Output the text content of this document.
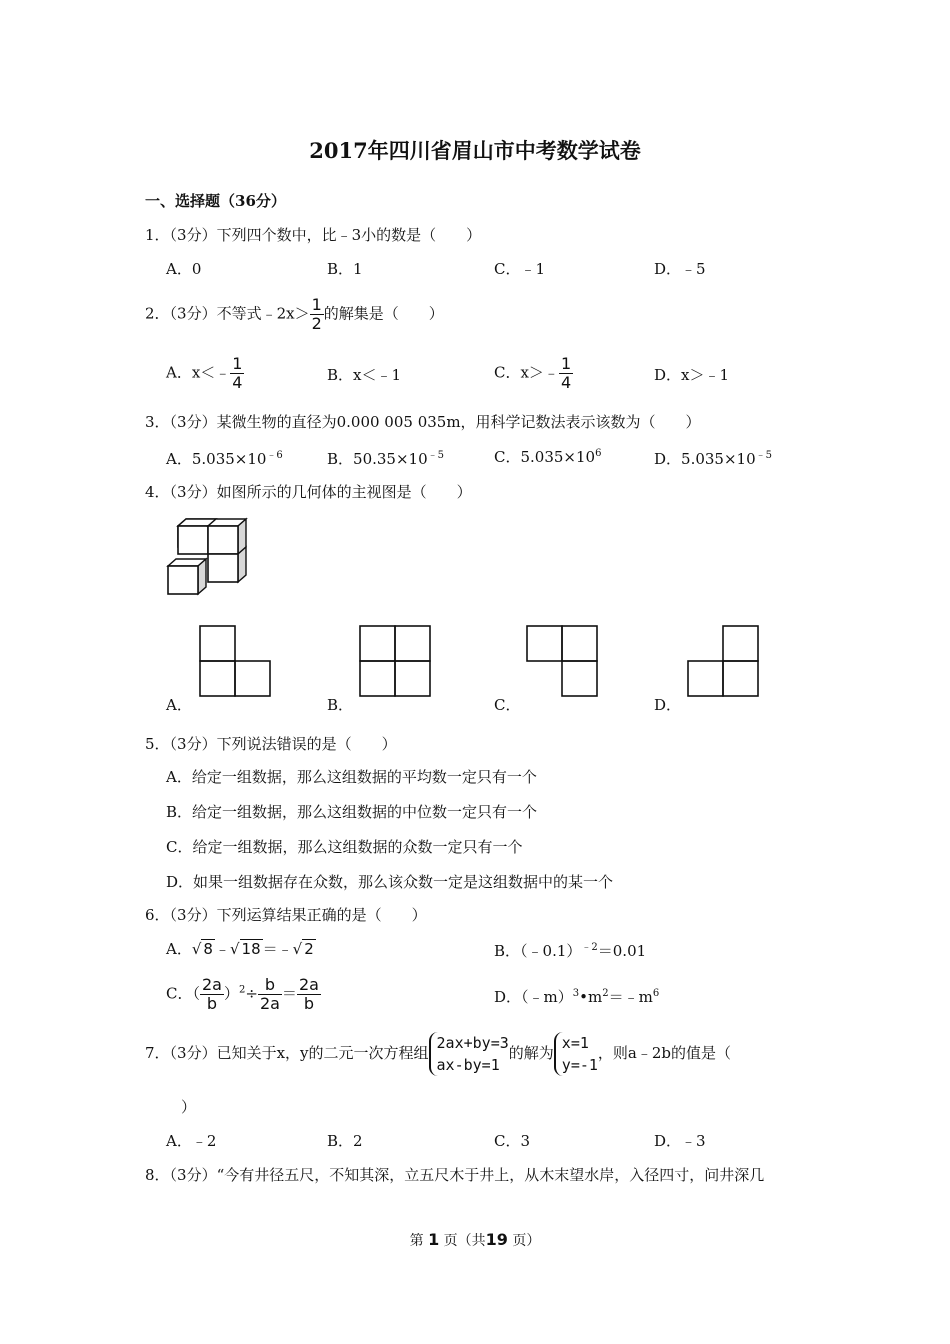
2017年四川省眉山市中考数学试卷
一、选择题（36分）
1．（3分）下列四个数中，比﹣3小的数是（　　）
A．0	B．1	C．﹣1	D．﹣5
2．（3分）不等式﹣2x＞ $\frac{1}{2}$ 的解集是（　　）
A．x＜﹣ $\frac{1}{4}$	B．x＜﹣1	C．x＞﹣ $\frac{1}{4}$	D．x＞﹣1
3．（3分）某微生物的直径为0.000 005 035m，用科学记数法表示该数为（　　）
A．$5.035\times 10^{﹣6}$	B．$50.35\times 10^{﹣5}$	C．$5.035\times 10^6$	D．$5.035\times 10^{﹣5}$
4．（3分）如图所示的几何体的主视图是（　　）
A．	B．	C．	D．
5．（3分）下列说法错误的是（　　）
A．给定一组数据，那么这组数据的平均数一定只有一个
B．给定一组数据，那么这组数据的中位数一定只有一个
C．给定一组数据，那么这组数据的众数一定只有一个
D．如果一组数据存在众数，那么该众数一定是这组数据中的某一个
6．（3分）下列运算结果正确的是（　　）
A．√ 8 ﹣√ 18 ＝﹣√ 2	B．（﹣0.1）$^{﹣2}$＝0.01
C．（ $\frac{2a}{b} )^2\div \frac{b}{2a} = \frac{2a}{b}$	D．$(﹣m)^3•m^2=﹣m^6$
7．（3分）已知关于x，y的二元一次方程组
2ax+by=3
ax-by=1
的解为
x=1
y=-1
，则a﹣2b的值是（
）
A．﹣2	B．2	C．3	D．﹣3
8．（3分）“今有井径五尺，不知其深，立五尺木于井上，从木末望水岸，入径四寸，问井深几
第 1 页（共19 页）
